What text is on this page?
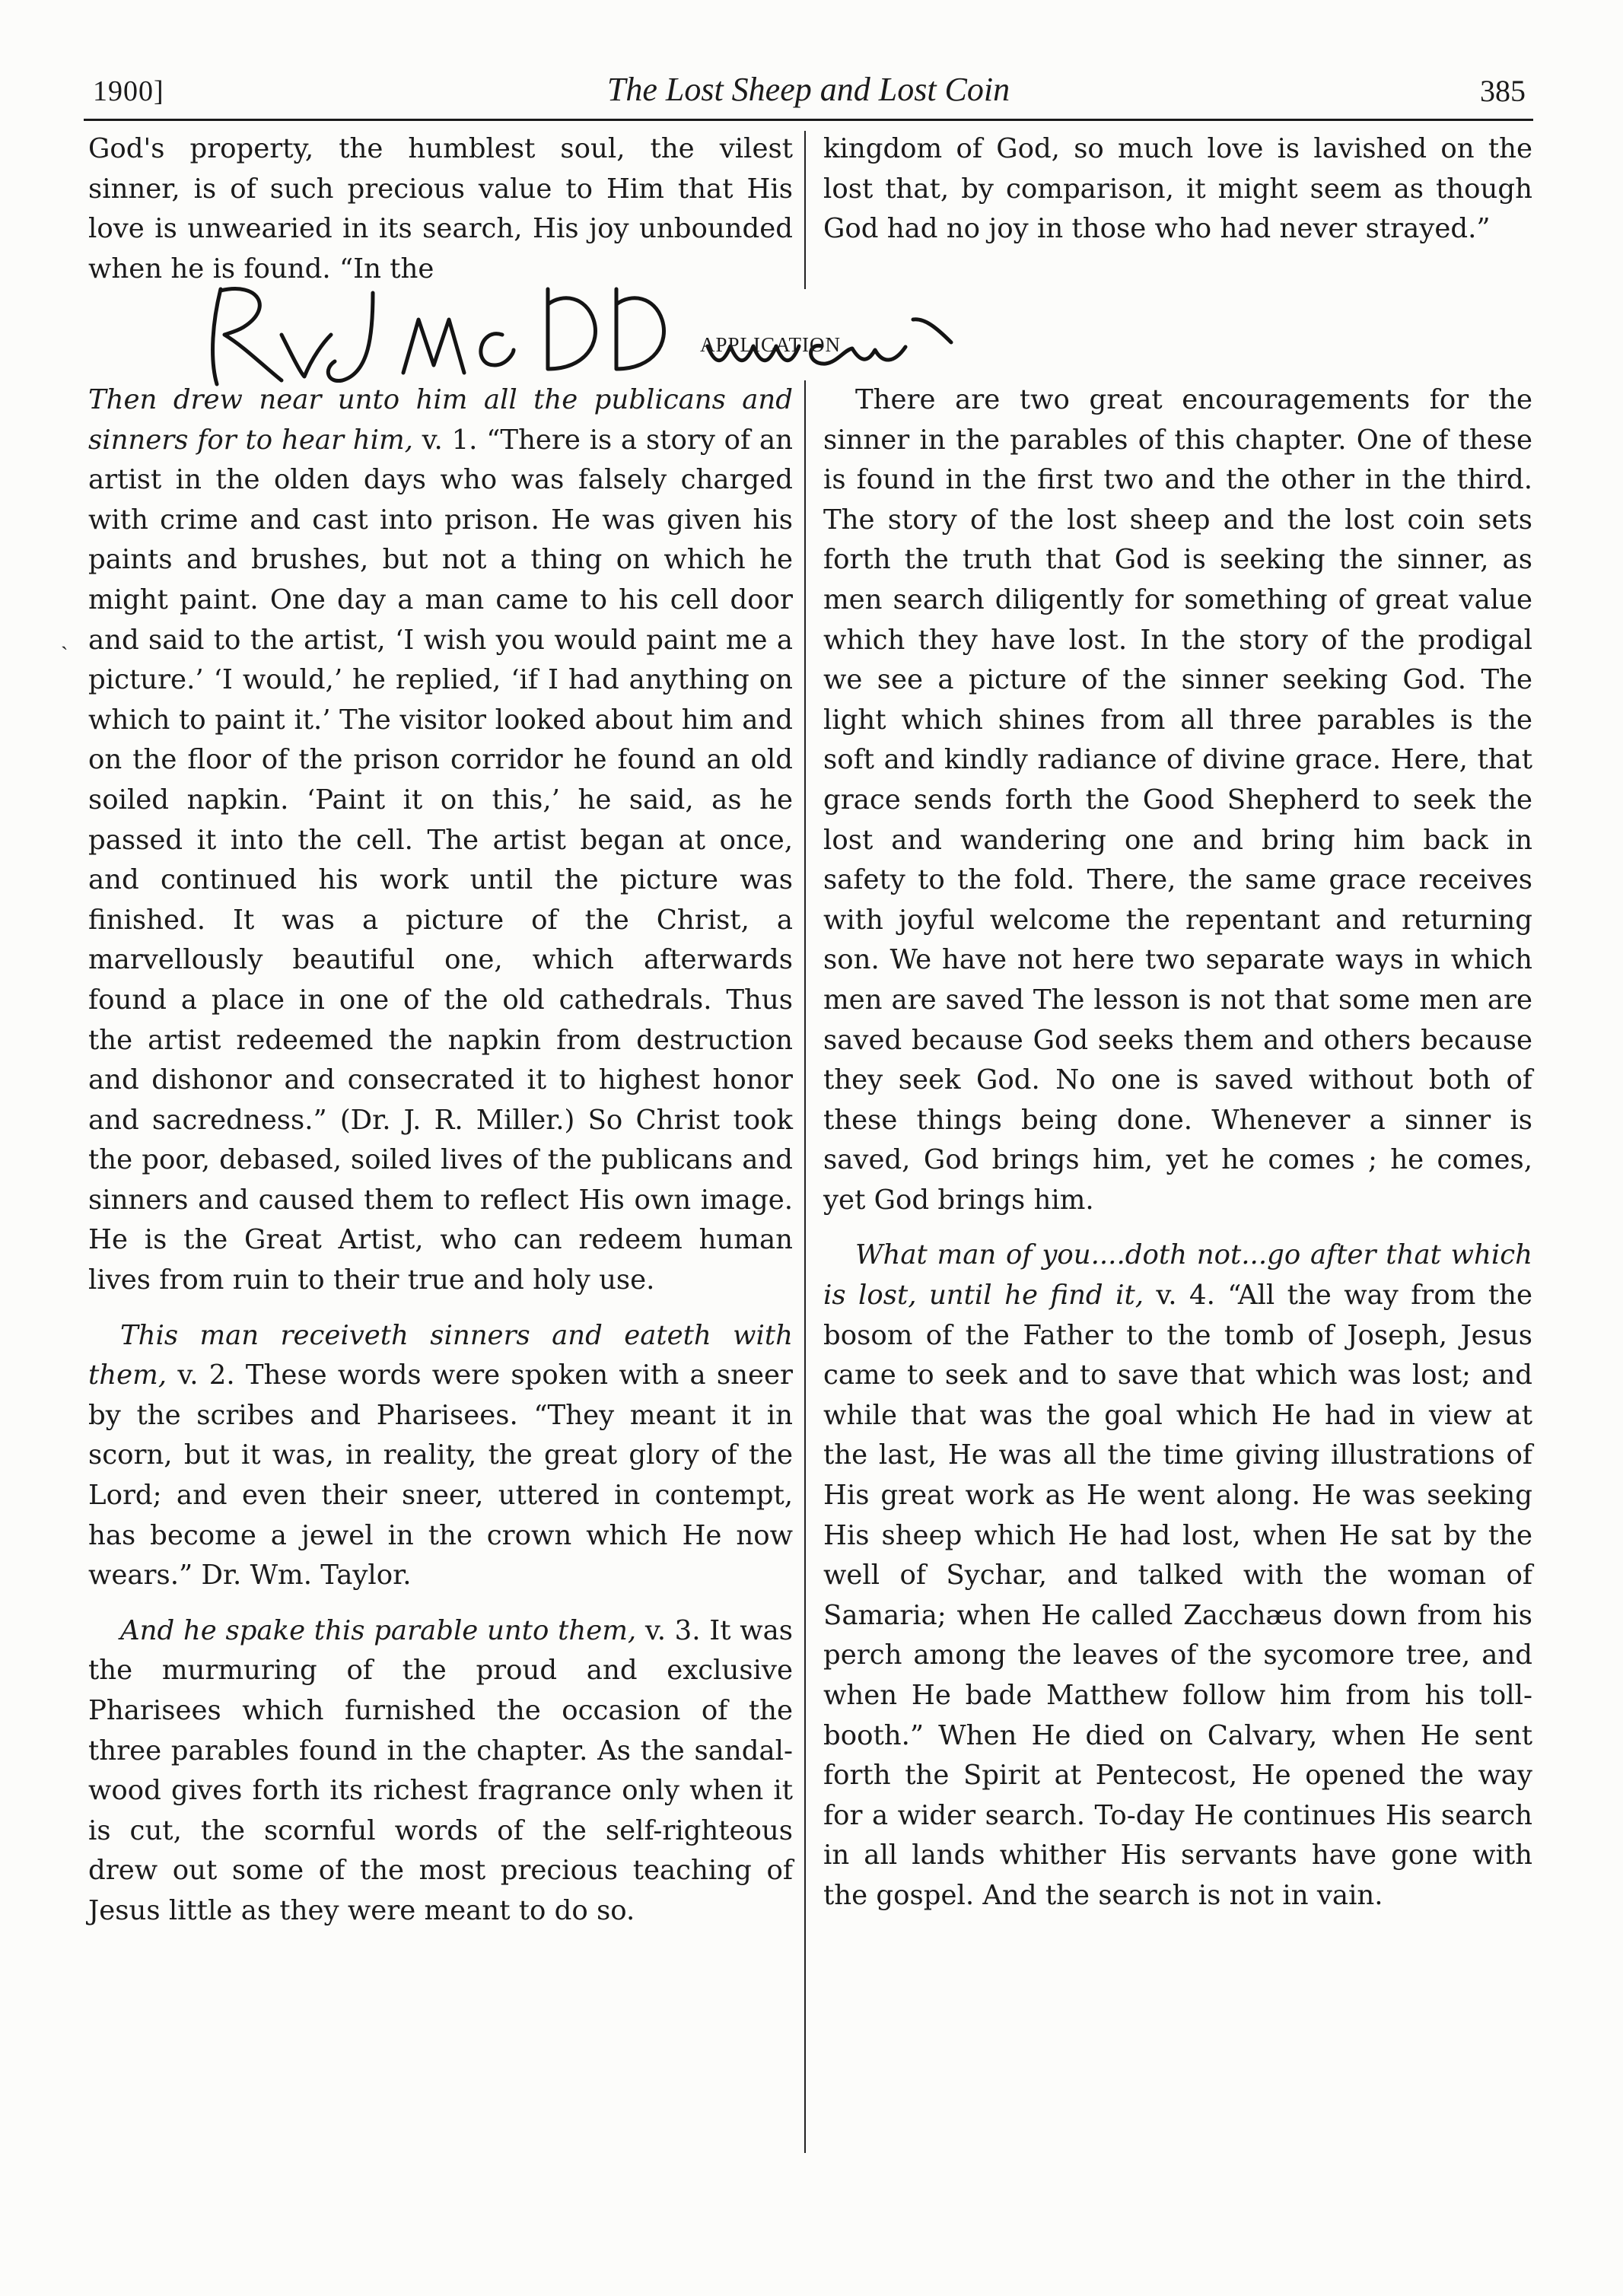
1900]	The Lost Sheep and Lost Coin	385

God's property, the humblest soul, the vilest sinner, is of such precious value to Him that His love is unwearied in its search, His joy unbounded when he is found. “In the

kingdom of God, so much love is lavished on the lost that, by comparison, it might seem as though God had no joy in those who had never strayed.”

APPLICATION
ˎ

Then drew near unto him all the publicans and sinners for to hear him, v. 1. “There is a story of an artist in the olden days who was falsely charged with crime and cast into prison. He was given his paints and brushes, but not a thing on which he might paint. One day a man came to his cell door and said to the artist, ‘I wish you would paint me a picture.’ ‘I would,’ he replied, ‘if I had anything on which to paint it.’ The visitor looked about him and on the floor of the prison corridor he found an old soiled napkin. ‘Paint it on this,’ he said, as he passed it into the cell. The artist began at once, and continued his work until the picture was finished. It was a picture of the Christ, a marvellously beautiful one, which afterwards found a place in one of the old cathedrals. Thus the artist redeemed the napkin from destruction and dishonor and consecrated it to highest honor and sacredness.” (Dr. J. R. Miller.) So Christ took the poor, debased, soiled lives of the publicans and sinners and caused them to reflect His own image. He is the Great Artist, who can redeem human lives from ruin to their true and holy use.

This man receiveth sinners and eateth with them, v. 2. These words were spoken with a sneer by the scribes and Pharisees. “They meant it in scorn, but it was, in reality, the great glory of the Lord; and even their sneer, uttered in contempt, has become a jewel in the crown which He now wears.” Dr. Wm. Taylor.

And he spake this parable unto them, v. 3. It was the murmuring of the proud and exclusive Pharisees which furnished the occasion of the three parables found in the chapter. As the sandal-wood gives forth its richest fragrance only when it is cut, the scornful words of the self-righteous drew out some of the most precious teaching of Jesus little as they were meant to do so.

There are two great encouragements for the sinner in the parables of this chapter. One of these is found in the first two and the other in the third. The story of the lost sheep and the lost coin sets forth the truth that God is seeking the sinner, as men search diligently for something of great value which they have lost. In the story of the prodigal we see a picture of the sinner seeking God. The light which shines from all three parables is the soft and kindly radiance of divine grace. Here, that grace sends forth the Good Shepherd to seek the lost and wandering one and bring him back in safety to the fold. There, the same grace receives with joyful welcome the repentant and returning son. We have not here two separate ways in which men are saved The lesson is not that some men are saved because God seeks them and others because they seek God. No one is saved without both of these things being done. Whenever a sinner is saved, God brings him, yet he comes ; he comes, yet God brings him.

What man of you....doth not...go after that which is lost, until he find it, v. 4. “All the way from the bosom of the Father to the tomb of Joseph, Jesus came to seek and to save that which was lost; and while that was the goal which He had in view at the last, He was all the time giving illustrations of His great work as He went along. He was seeking His sheep which He had lost, when He sat by the well of Sychar, and talked with the woman of Samaria; when He called Zacchæus down from his perch among the leaves of the sycomore tree, and when He bade Matthew follow him from his toll-booth.” When He died on Calvary, when He sent forth the Spirit at Pentecost, He opened the way for a wider search. To-day He continues His search in all lands whither His servants have gone with the gospel. And the search is not in vain.
